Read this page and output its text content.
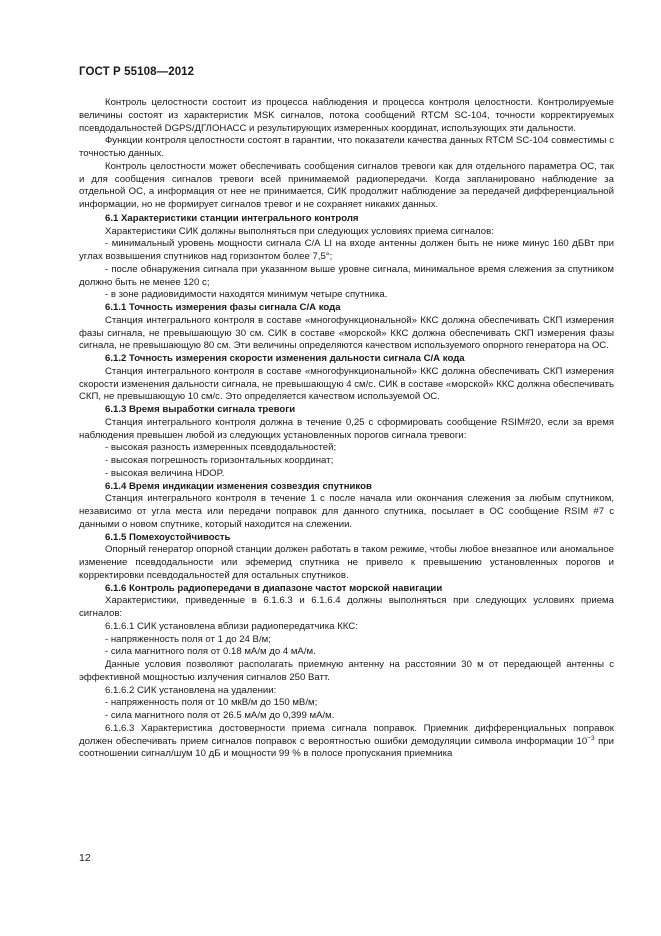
ГОСТ Р 55108—2012

Контроль целостности состоит из процесса наблюдения и процесса контроля целостности. Контролируемые величины состоят из характеристик MSK сигналов, потока сообщений RTCM SC-104, точности корректируемых псевдодальностей DGPS/ДГЛОНАСС и результирующих измеренных координат, использующих эти дальности.

Функции контроля целостности состоят в гарантии, что показатели качества данных RTCM SC-104 совместимы с точностью данных.

Контроль целостности может обеспечивать сообщения сигналов тревоги как для отдельного параметра ОС, так и для сообщения сигналов тревоги всей принимаемой радиопередачи. Когда запланировано наблюдение за отдельной ОС, а информация от нее не принимается, СИК продолжит наблюдение за передачей дифференциальной информации, но не формирует сигналов тревог и не сохраняет никаких данных.

6.1 Характеристики станции интегрального контроля

Характеристики СИК должны выполняться при следующих условиях приема сигналов:

- минимальный уровень мощности сигнала С/А LI на входе антенны должен быть не ниже минус 160 дБВт при углах возвышения спутников над горизонтом более 7,5°;

- после обнаружения сигнала при указанном выше уровне сигнала, минимальное время слежения за спутником должно быть не менее 120 с;

- в зоне радиовидимости находятся минимум четыре спутника.

6.1.1 Точность измерения фазы сигнала С/А кода

Станция интегрального контроля в составе «многофункциональной» ККС должна обеспечивать СКП измерения фазы сигнала, не превышающую 30 см. СИК в составе «морской» ККС должна обеспечивать СКП измерения фазы сигнала, не превышающую 80 см. Эти величины определяются качеством используемого опорного генератора на ОС.

6.1.2 Точность измерения скорости изменения дальности сигнала С/А кода

Станция интегрального контроля в составе «многофункциональной» ККС должна обеспечивать СКП измерения скорости изменения дальности сигнала, не превышающую 4 см/с. СИК в составе «морской» ККС должна обеспечивать СКП, не превышающую 10 см/с. Это определяется качеством используемой ОС.

6.1.3 Время выработки сигнала тревоги

Станция интегрального контроля должна в течение 0,25 с сформировать сообщение RSIM#20, если за время наблюдения превышен любой из следующих установленных порогов сигнала тревоги:

- высокая разность измеренных псевдодальностей;

- высокая погрешность горизонтальных координат;

- высокая величина HDOP.

6.1.4 Время индикации изменения созвездия спутников

Станция интегрального контроля в течение 1 с после начала или окончания слежения за любым спутником, независимо от угла места или передачи поправок для данного спутника, посылает в ОС сообщение RSIM #7 с данными о новом спутнике, который находится на слежении.

6.1.5 Помехоустойчивость

Опорный генератор опорной станции должен работать в таком режиме, чтобы любое внезапное или аномальное изменение псевдодальности или эфемерид спутника не привело к превышению установленных порогов и корректировки псевдодальностей для остальных спутников.

6.1.6 Контроль радиопередачи в диапазоне частот морской навигации

Характеристики, приведенные в 6.1.6.3 и 6.1.6.4 должны выполняться при следующих условиях приема сигналов:

6.1.6.1 СИК установлена вблизи радиопередатчика ККС:

- напряженность поля от 1 до 24 В/м;

- сила магнитного поля от 0.18 мА/м до 4 мА/м.

Данные условия позволяют располагать приемную антенну на расстоянии 30 м от передающей антенны с эффективной мощностью излучения сигналов 250 Ватт.

6.1.6.2 СИК установлена на удалении:

- напряженность поля от 10 мкВ/м до 150 мВ/м;

- сила магнитного поля от 26.5 мА/м до 0,399 мА/м.

6.1.6.3 Характеристика достоверности приема сигнала поправок. Приемник дифференциальных поправок должен обеспечивать прием сигналов поправок с вероятностью ошибки демодуляции символа информации $10^{-3}$ при соотношении сигнал/шум 10 дБ и мощности 99 % в полосе пропускания приемника

12
